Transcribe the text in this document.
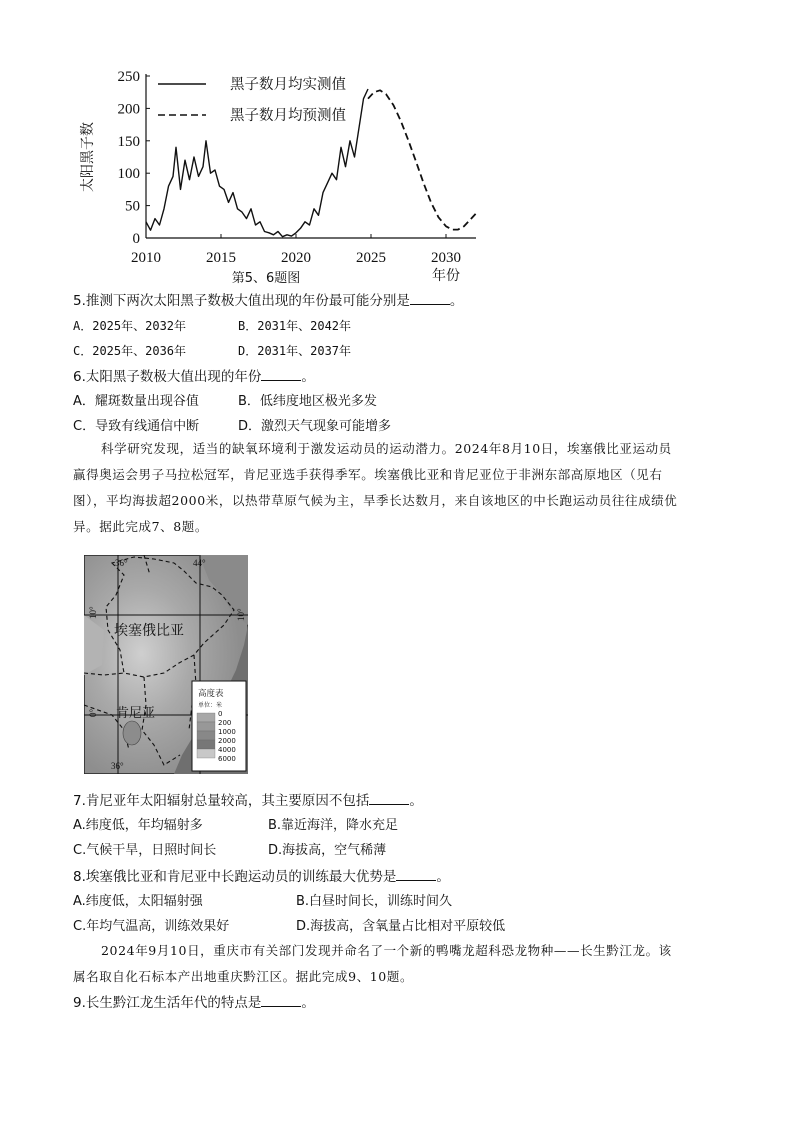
0
50
100
150
200
250
2010	2015	2020	2025	2030
太阳黑子数
年份
第5、6题图
黑子数月均实测值
黑子数月均预测值
5.推测下两次太阳黑子数极大值出现的年份最可能分别是	。
A．2025年、2032年	B．2031年、2042年
C．2025年、2036年	D．2031年、2037年
6.太阳黑子数极大值出现的年份	。
A．耀斑数量出现谷值	B．低纬度地区极光多发
C．导致有线通信中断	D．激烈天气现象可能增多
科学研究发现，适当的缺氧环境利于激发运动员的运动潜力。2024年8月10日，埃塞俄比亚运动员
赢得奥运会男子马拉松冠军，肯尼亚选手获得季军。埃塞俄比亚和肯尼亚位于非洲东部高原地区（见右
图），平均海拔超2000米，以热带草原气候为主，旱季长达数月，来自该地区的中长跑运动员往往成绩优
异。据此完成7、8题。
36°	44°
36°
10°	10°
0°
埃塞俄比亚
肯尼亚
高度表
单位：米
0
200
1000
2000
4000
6000
7.肯尼亚年太阳辐射总量较高，其主要原因不包括	。
A.纬度低，年均辐射多	B.靠近海洋，降水充足
C.气候干旱，日照时间长	D.海拔高，空气稀薄
8.埃塞俄比亚和肯尼亚中长跑运动员的训练最大优势是	。
A.纬度低，太阳辐射强	B.白昼时间长，训练时间久
C.年均气温高，训练效果好	D.海拔高，含氧量占比相对平原较低
2024年9月10日，重庆市有关部门发现并命名了一个新的鸭嘴龙超科恐龙物种——长生黔江龙。该
属名取自化石标本产出地重庆黔江区。据此完成9、10题。
9.长生黔江龙生活年代的特点是	。
